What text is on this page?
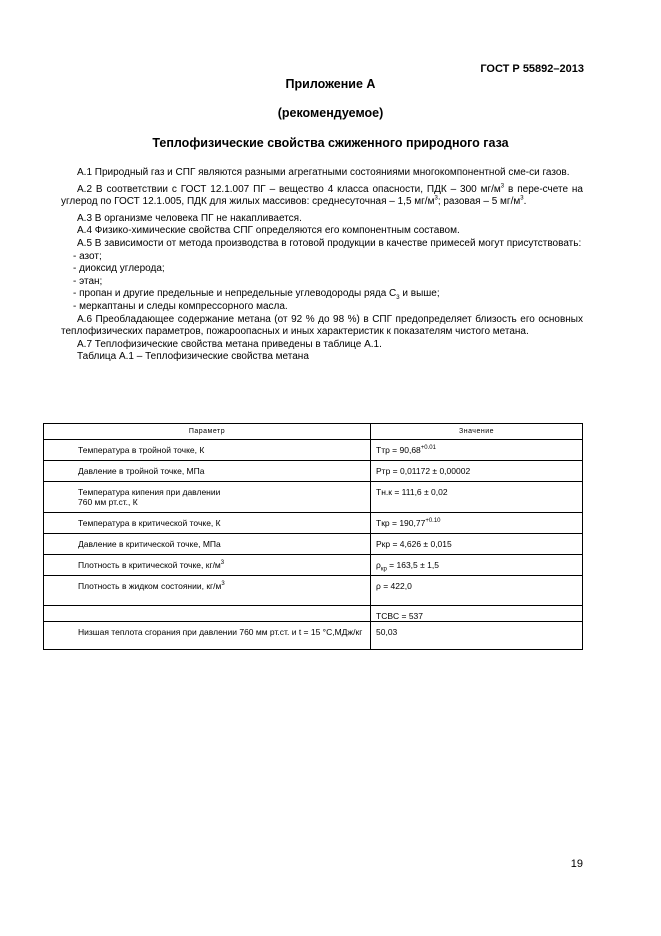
ГОСТ Р 55892–2013
Приложение А
(рекомендуемое)
Теплофизические свойства сжиженного природного газа

А.1 Природный газ и СПГ являются разными агрегатными состояниями многокомпонентной сме-си газов.

А.2 В соответствии с ГОСТ 12.1.007 ПГ – вещество 4 класса опасности, ПДК – 300 $мг/м^3$ в пере-счете на углерод по ГОСТ 12.1.005, ПДК для жилых массивов: среднесуточная – 1,5 $мг/м^3$; разовая – 5 $мг/м^3$.

А.3 В организме человека ПГ не накапливается.

А.4 Физико-химические свойства СПГ определяются его компонентным составом.

А.5 В зависимости от метода производства в готовой продукции в качестве примесей могут присутствовать:

- азот;

- диоксид углерода;

- этан;

- пропан и другие предельные и непредельные углеводороды ряда $С_3$ и выше;

- меркаптаны и следы компрессорного масла.

А.6 Преобладающее содержание метана (от 92 % до 98 %) в СПГ предопределяет близость его основных теплофизических параметров, пожароопасных и иных характеристик к показателям чистого метана.

А.7 Теплофизические свойства метана приведены в таблице А.1.

Таблица А.1 – Теплофизические свойства метана

Параметр	Значение
Температура в тройной точке, К	Tтр = $90,68^{+0.01}$
Давление в тройной точке, МПа	Pтр = 0,01172 ± 0,00002

Температура кипения при давлении
760 мм рт.ст., К	Tн.к = 111,6 ± 0,02
Температура в критической точке, К	Tкр = $190,77^{+0.10}$
Давление в критической точке, МПа	Pкр = 4,626 ± 0,015
Плотность в критической точке, $кг/м^3$	$\rho_{кр} = 163,5 \pm 1,5$
Плотность в жидком состоянии, $кг/м^3$	ρ = 422,0
	TCBC = 537
Низшая теплота сгорания при давлении 760 мм рт.ст. и t = 15 °С,МДж/кг	50,03
19
